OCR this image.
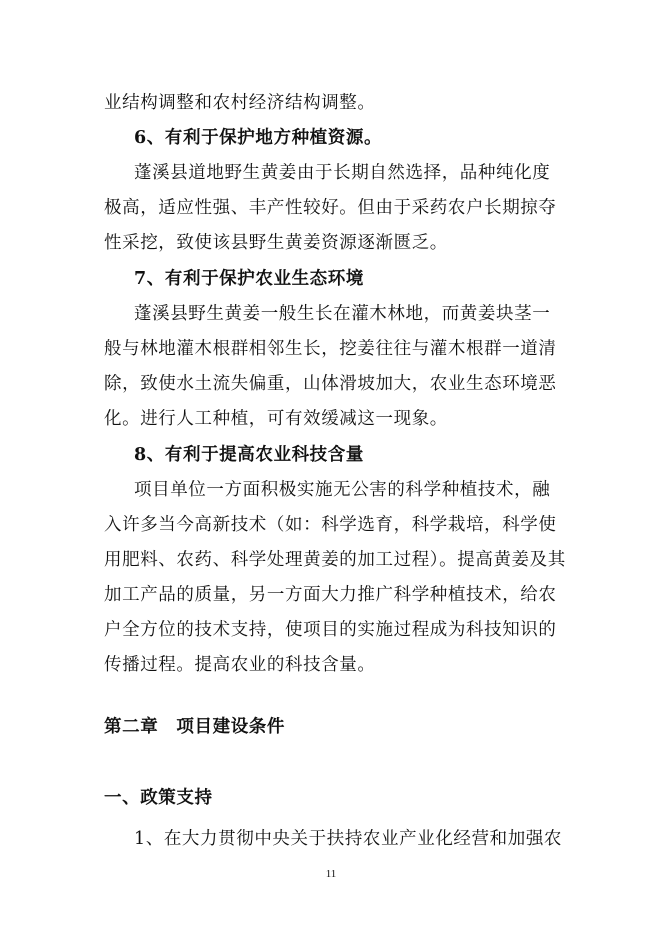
业结构调整和农村经济结构调整。
6、有利于保护地方种植资源。
蓬溪县道地野生黄姜由于长期自然选择，品种纯化度
极高，适应性强、丰产性较好。但由于采药农户长期掠夺
性采挖，致使该县野生黄姜资源逐渐匮乏。
7、有利于保护农业生态环境
蓬溪县野生黄姜一般生长在灌木林地，而黄姜块茎一
般与林地灌木根群相邻生长，挖姜往往与灌木根群一道清
除，致使水土流失偏重，山体滑坡加大，农业生态环境恶
化。进行人工种植，可有效缓减这一现象。
8、有利于提高农业科技含量
项目单位一方面积极实施无公害的科学种植技术，融
入许多当今高新技术（如：科学选育，科学栽培，科学使
用肥料、农药、科学处理黄姜的加工过程）。提高黄姜及其
加工产品的质量，另一方面大力推广科学种植技术，给农
户全方位的技术支持，使项目的实施过程成为科技知识的
传播过程。提高农业的科技含量。
第二章　项目建设条件
一、政策支持
1、在大力贯彻中央关于扶持农业产业化经营和加强农
11
